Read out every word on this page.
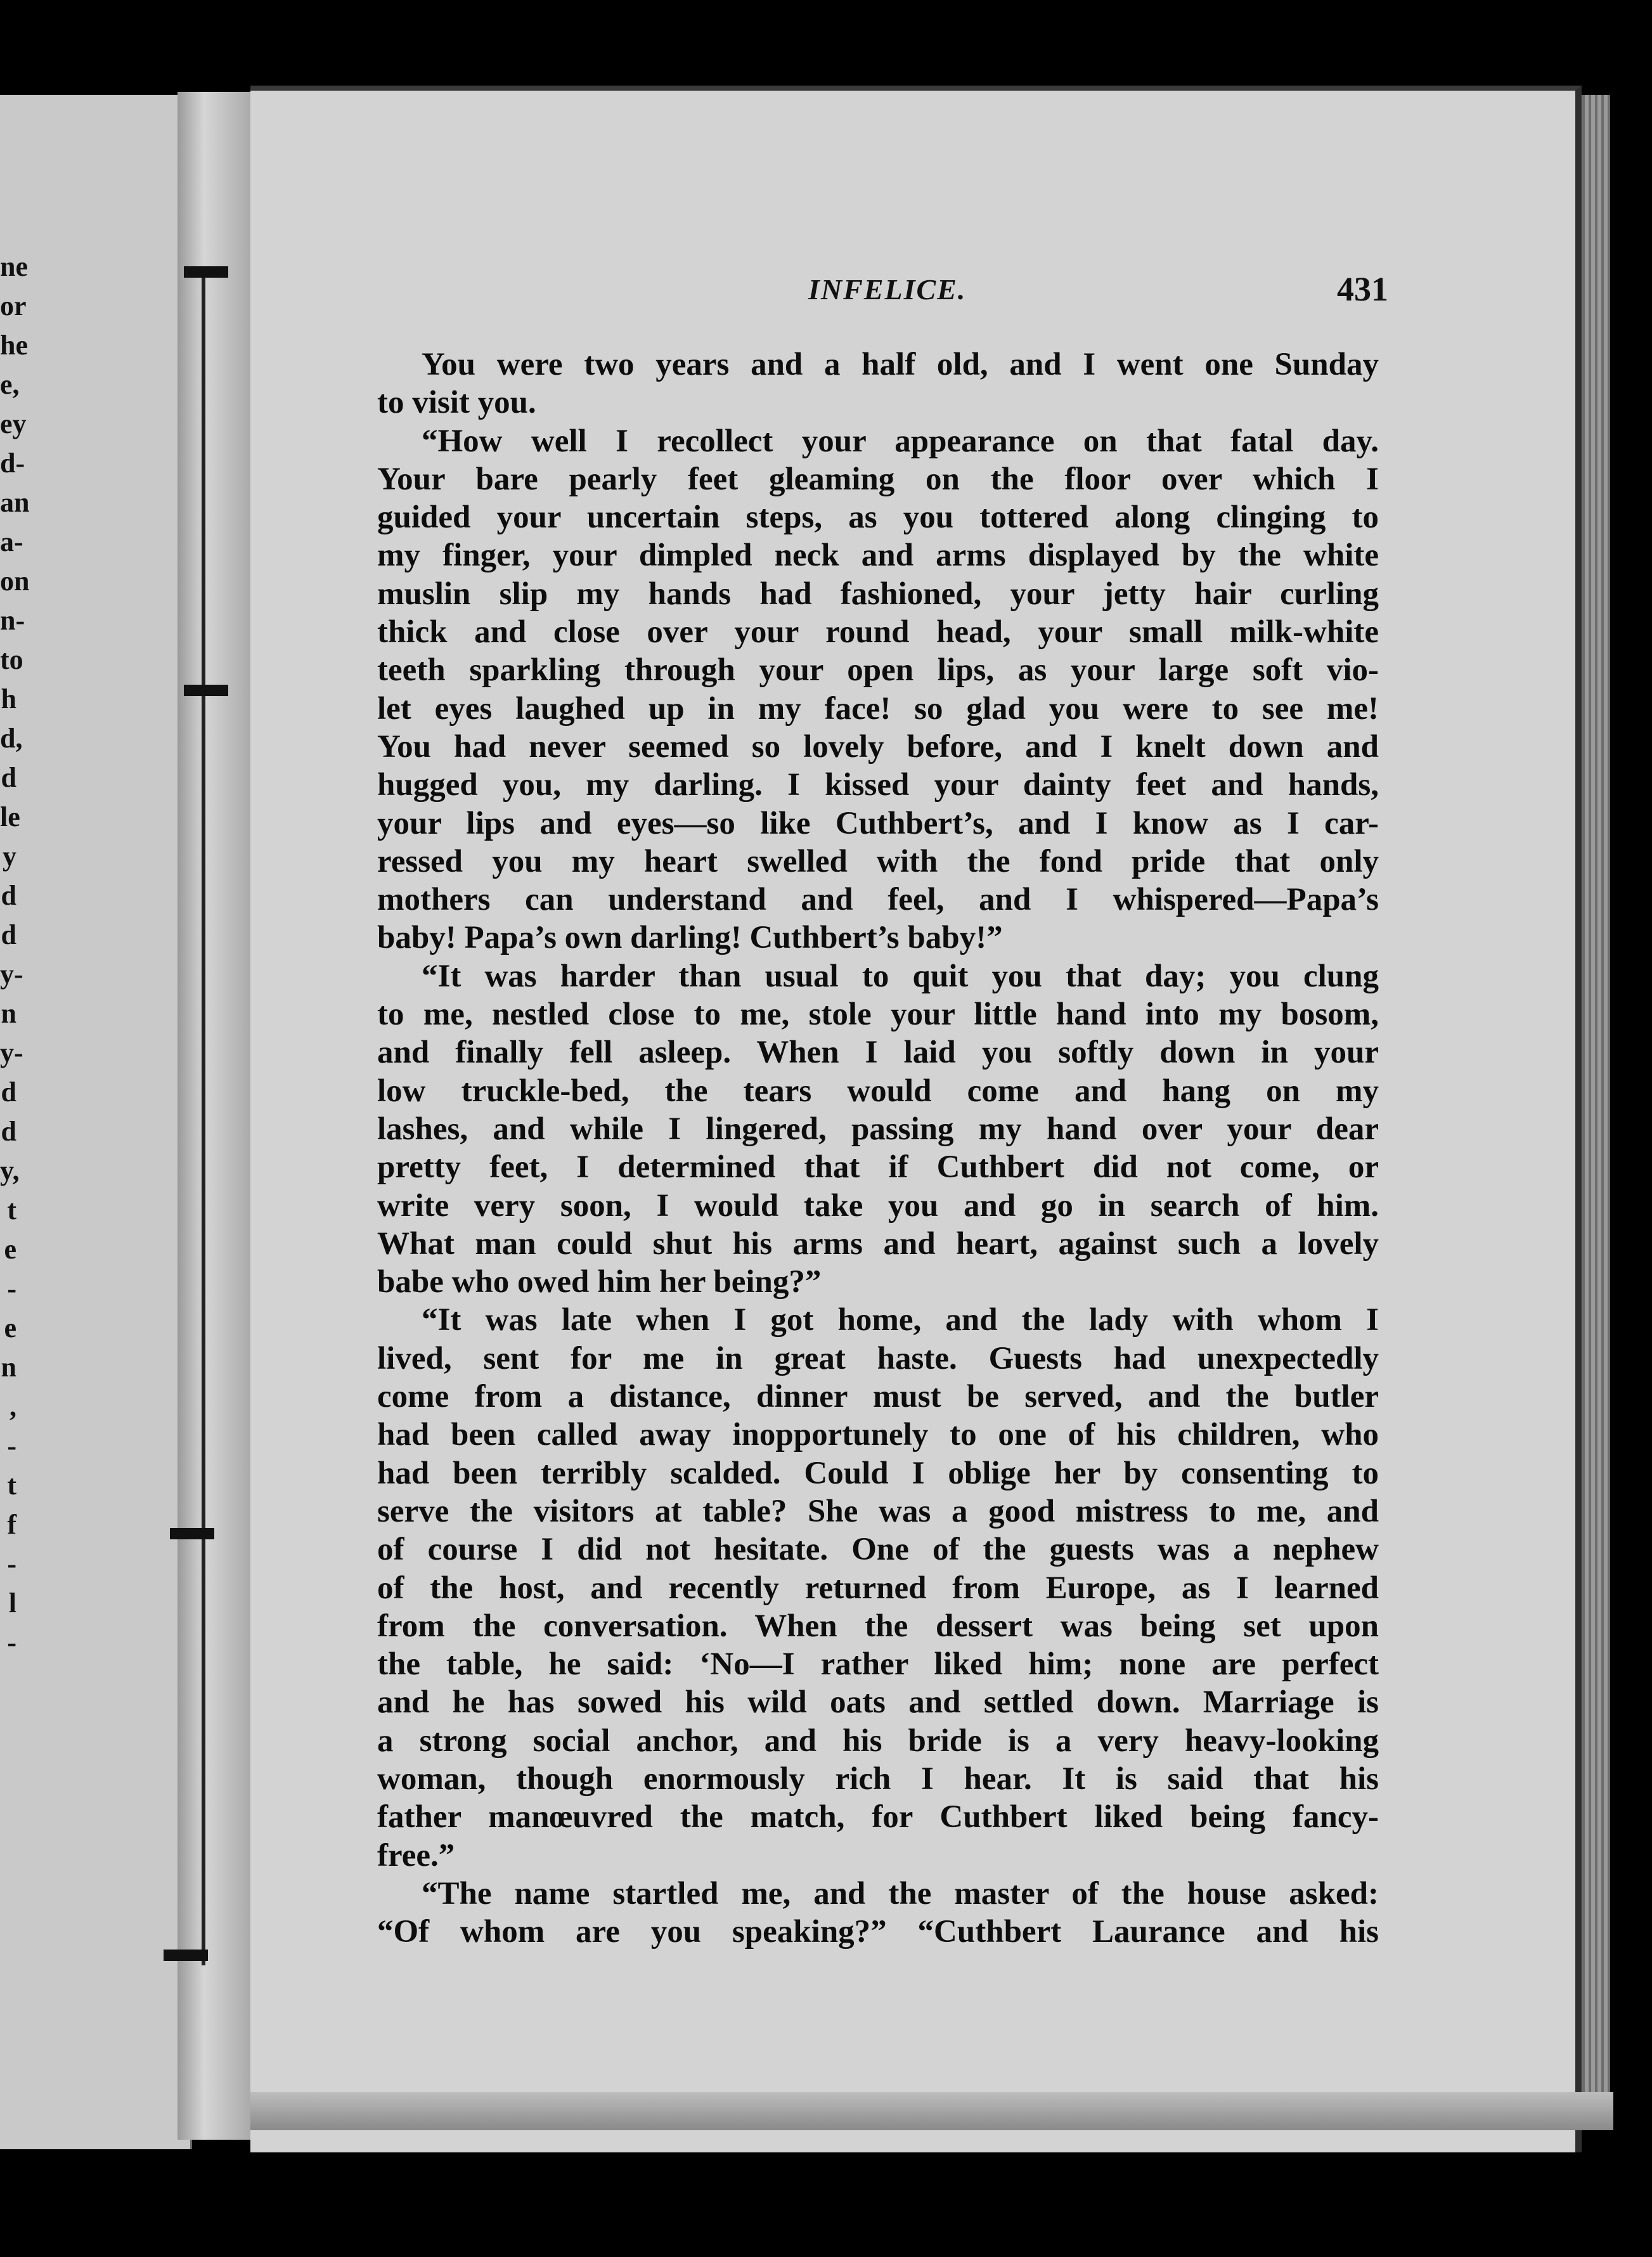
ne
or
he
e,
ey
d-
an
a-
on
n-
to
h
d,
d
le
y
d
d
y-
n
y-
d
d
y,
t
e
-
e
n
,
-
t
f
-
l
-
INFELICE.	431
You were two years and a half old, and I went one Sunday
to visit you.
“How well I recollect your appearance on that fatal day.
Your bare pearly feet gleaming on the floor over which I
guided your uncertain steps, as you tottered along clinging to
my finger, your dimpled neck and arms displayed by the white
muslin slip my hands had fashioned, your jetty hair curling
thick and close over your round head, your small milk-white
teeth sparkling through your open lips, as your large soft vio-
let eyes laughed up in my face! so glad you were to see me!
You had never seemed so lovely before, and I knelt down and
hugged you, my darling. I kissed your dainty feet and hands,
your lips and eyes—so like Cuthbert’s, and I know as I car-
ressed you my heart swelled with the fond pride that only
mothers can understand and feel, and I whispered—Papa’s
baby! Papa’s own darling! Cuthbert’s baby!”
“It was harder than usual to quit you that day; you clung
to me, nestled close to me, stole your little hand into my bosom,
and finally fell asleep. When I laid you softly down in your
low truckle-bed, the tears would come and hang on my
lashes, and while I lingered, passing my hand over your dear
pretty feet, I determined that if Cuthbert did not come, or
write very soon, I would take you and go in search of him.
What man could shut his arms and heart, against such a lovely
babe who owed him her being?”
“It was late when I got home, and the lady with whom I
lived, sent for me in great haste. Guests had unexpectedly
come from a distance, dinner must be served, and the butler
had been called away inopportunely to one of his children, who
had been terribly scalded. Could I oblige her by consenting to
serve the visitors at table? She was a good mistress to me, and
of course I did not hesitate. One of the guests was a nephew
of the host, and recently returned from Europe, as I learned
from the conversation. When the dessert was being set upon
the table, he said: ‘No—I rather liked him; none are perfect
and he has sowed his wild oats and settled down. Marriage is
a strong social anchor, and his bride is a very heavy-looking
woman, though enormously rich I hear. It is said that his
father manœuvred the match, for Cuthbert liked being fancy-
free.”
“The name startled me, and the master of the house asked:
“Of whom are you speaking?” “Cuthbert Laurance and his
